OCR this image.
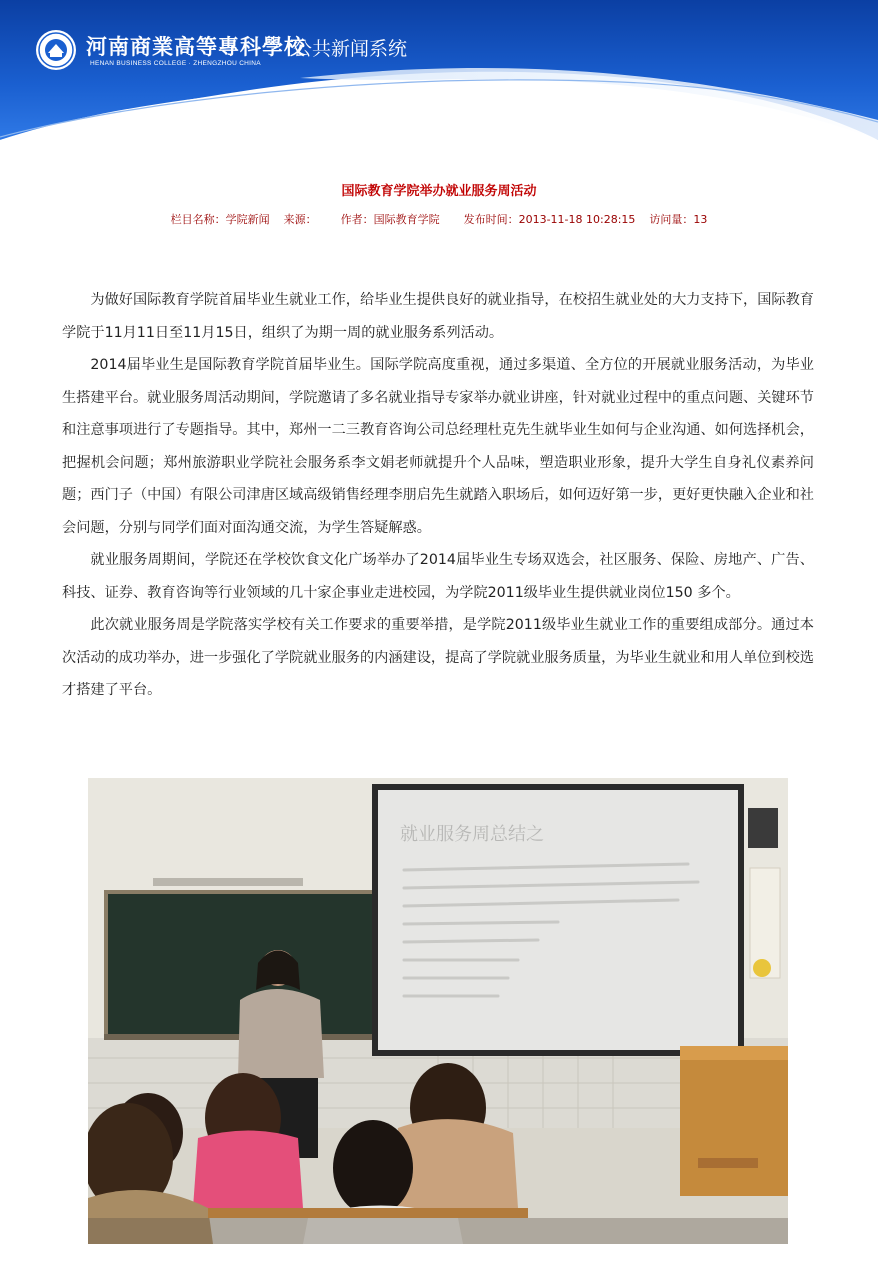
河南商業高等專科學校
HENAN BUSINESS COLLEGE · ZHENGZHOU CHINA
公共新闻系统
国际教育学院举办就业服务周活动
栏目名称：学院新闻 来源： 作者：国际教育学院 发布时间：2013-11-18 10:28:15 访问量：13

为做好国际教育学院首届毕业生就业工作，给毕业生提供良好的就业指导，在校招生就业处的大力支持下，国际教育学院于11月11日至11月15日，组织了为期一周的就业服务系列活动。

2014届毕业生是国际教育学院首届毕业生。国际学院高度重视，通过多渠道、全方位的开展就业服务活动，为毕业生搭建平台。就业服务周活动期间，学院邀请了多名就业指导专家举办就业讲座，针对就业过程中的重点问题、关键环节和注意事项进行了专题指导。其中，郑州一二三教育咨询公司总经理杜克先生就毕业生如何与企业沟通、如何选择机会，把握机会问题；郑州旅游职业学院社会服务系李文娟老师就提升个人品味，塑造职业形象，提升大学生自身礼仪素养问题；西门子（中国）有限公司津唐区域高级销售经理李朋启先生就踏入职场后，如何迈好第一步，更好更快融入企业和社会问题，分别与同学们面对面沟通交流，为学生答疑解惑。

就业服务周期间，学院还在学校饮食文化广场举办了2014届毕业生专场双选会，社区服务、保险、房地产、广告、科技、证券、教育咨询等行业领域的几十家企事业走进校园，为学院2011级毕业生提供就业岗位150 多个。

此次就业服务周是学院落实学校有关工作要求的重要举措，是学院2011级毕业生就业工作的重要组成部分。通过本次活动的成功举办，进一步强化了学院就业服务的内涵建设，提高了学院就业服务质量，为毕业生就业和用人单位到校选才搭建了平台。

就业服务周总结之
